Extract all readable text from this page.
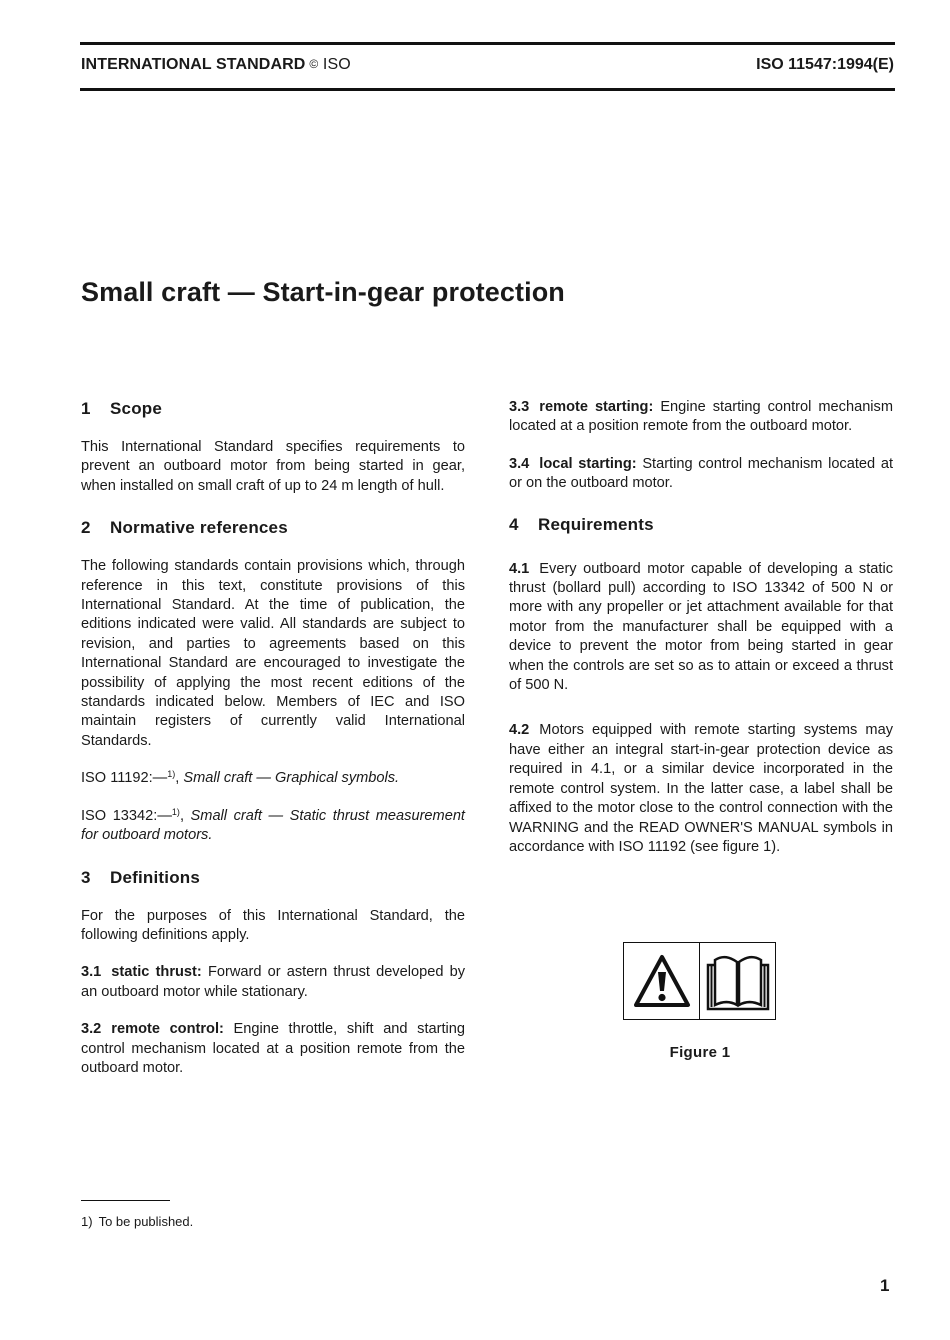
INTERNATIONAL STANDARD © ISO	ISO 11547:1994(E)
Small craft — Start-in-gear protection
1 Scope

This International Standard specifies requirements to prevent an outboard motor from being started in gear, when installed on small craft of up to 24 m length of hull.

2 Normative references

The following standards contain provisions which, through reference in this text, constitute provisions of this International Standard. At the time of publication, the editions indicated were valid. All standards are subject to revision, and parties to agreements based on this International Standard are encouraged to investigate the possibility of applying the most recent editions of the standards indicated below. Members of IEC and ISO maintain registers of currently valid International Standards.

ISO 11192:—$^{1)}$, Small craft — Graphical symbols.

ISO 13342:—$^{1)}$, Small craft — Static thrust measurement for outboard motors.

3 Definitions

For the purposes of this International Standard, the following definitions apply.

3.1 static thrust: Forward or astern thrust developed by an outboard motor while stationary.

3.2 remote control: Engine throttle, shift and starting control mechanism located at a position remote from the outboard motor.

3.3 remote starting: Engine starting control mechanism located at a position remote from the outboard motor.

3.4 local starting: Starting control mechanism located at or on the outboard motor.

4 Requirements

4.1 Every outboard motor capable of developing a static thrust (bollard pull) according to ISO 13342 of 500 N or more with any propeller or jet attachment available for that motor from the manufacturer shall be equipped with a device to prevent the motor from being started in gear when the controls are set so as to attain or exceed a thrust of 500 N.

4.2 Motors equipped with remote starting systems may have either an integral start-in-gear protection device as required in 4.1, or a similar device incorporated in the remote control system. In the latter case, a label shall be affixed to the motor close to the control connection with the WARNING and the READ OWNER'S MANUAL symbols in accordance with ISO 11192 (see figure 1).

Figure 1
1) To be published.
1
